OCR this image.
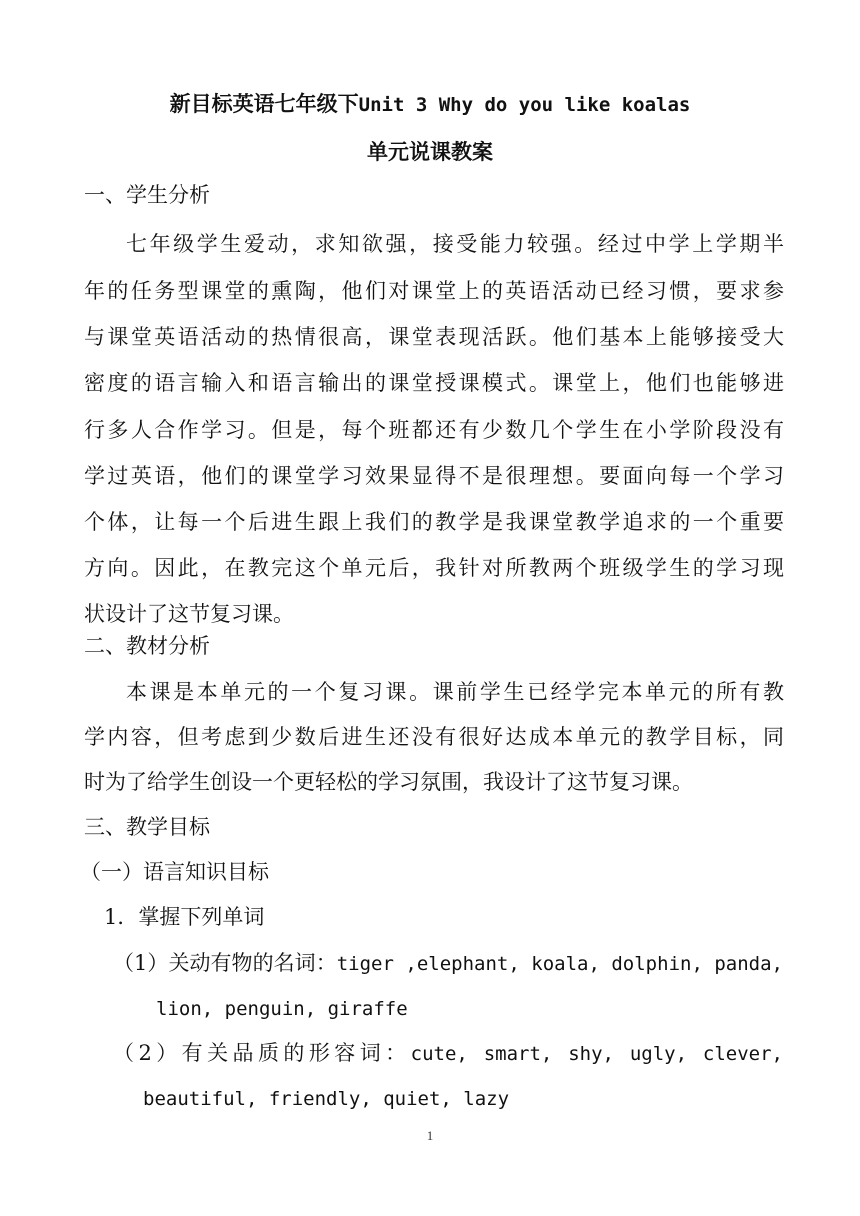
新目标英语七年级下Unit 3 Why do you like koalas
单元说课教案
一、学生分析
七年级学生爱动，求知欲强，接受能力较强。经过中学上学期半
年的任务型课堂的熏陶，他们对课堂上的英语活动已经习惯，要求参
与课堂英语活动的热情很高，课堂表现活跃。他们基本上能够接受大
密度的语言输入和语言输出的课堂授课模式。课堂上，他们也能够进
行多人合作学习。但是，每个班都还有少数几个学生在小学阶段没有
学过英语，他们的课堂学习效果显得不是很理想。要面向每一个学习
个体，让每一个后进生跟上我们的教学是我课堂教学追求的一个重要
方向。因此，在教完这个单元后，我针对所教两个班级学生的学习现
状设计了这节复习课。
二、教材分析
本课是本单元的一个复习课。课前学生已经学完本单元的所有教
学内容，但考虑到少数后进生还没有很好达成本单元的教学目标，同
时为了给学生创设一个更轻松的学习氛围，我设计了这节复习课。
三、教学目标
（一）语言知识目标
1．掌握下列单词
（1）关动有物的名词：tiger ,elephant, koala, dolphin, panda,
lion, penguin, giraffe
（2）有关品质的形容词：cute, smart, shy, ugly, clever,
beautiful, friendly, quiet, lazy
1
